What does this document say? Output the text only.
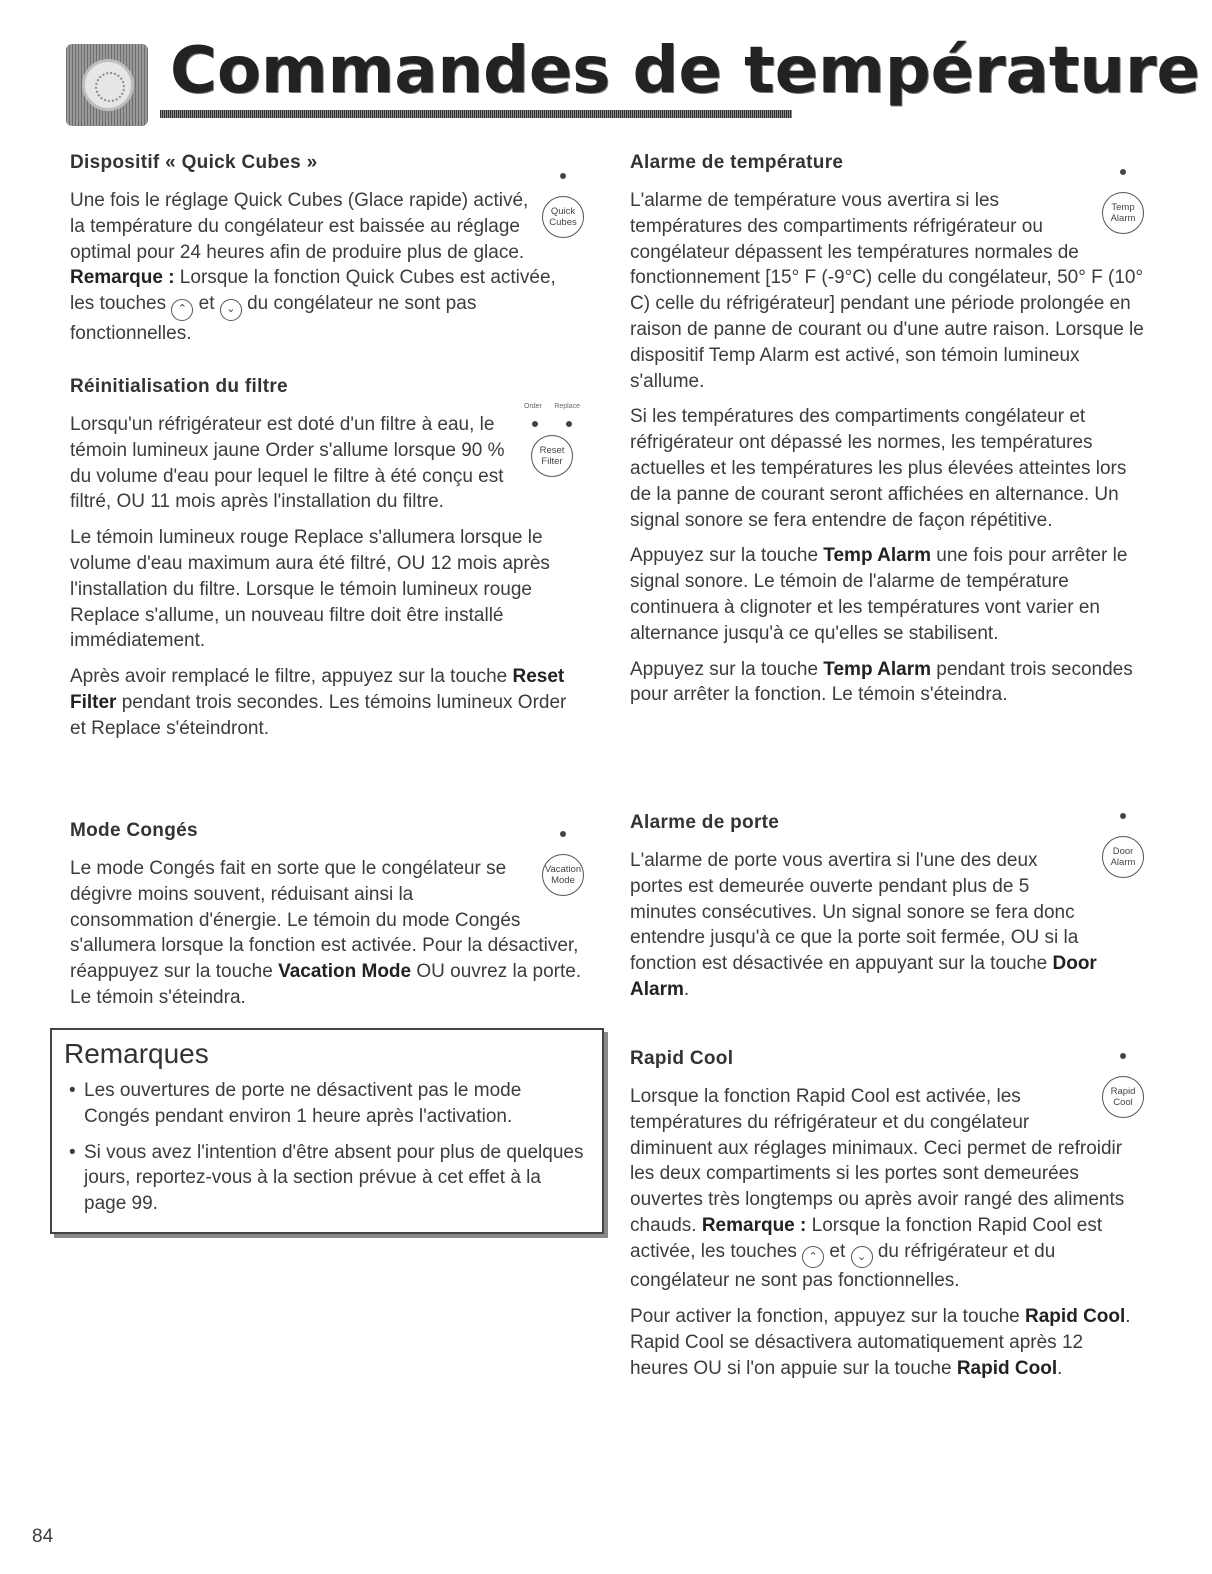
Commandes de température
Dispositif « Quick Cubes »

Quick
Cubes
Une fois le réglage Quick Cubes (Glace rapide) activé, la température du congélateur est baissée au réglage optimal pour 24 heures afin de produire plus de glace. Remarque : Lorsque la fonction Quick Cubes est activée, les touches ⌃ et ⌄ du congélateur ne sont pas fonctionnelles.

Réinitialisation du filtre

Order Replace
Reset
Filter
Lorsqu'un réfrigérateur est doté d'un filtre à eau, le témoin lumineux jaune Order s'allume lorsque 90 % du volume d'eau pour lequel le filtre à été conçu est filtré, OU 11 mois après l'installation du filtre.

Le témoin lumineux rouge Replace s'allumera lorsque le volume d'eau maximum aura été filtré, OU 12 mois après l'installation du filtre. Lorsque le témoin lumineux rouge Replace s'allume, un nouveau filtre doit être installé immédiatement.

Après avoir remplacé le filtre, appuyez sur la touche Reset Filter pendant trois secondes. Les témoins lumineux Order et Replace s'éteindront.

Mode Congés

Vacation
Mode
Le mode Congés fait en sorte que le congélateur se dégivre moins souvent, réduisant ainsi la consommation d'énergie. Le témoin du mode Congés s'allumera lorsque la fonction est activée. Pour la désactiver, réappuyez sur la touche Vacation Mode OU ouvrez la porte. Le témoin s'éteindra.

Remarques
• Les ouvertures de porte ne désactivent pas le mode Congés pendant environ 1 heure après l'activation.
• Si vous avez l'intention d'être absent pour plus de quelques jours, reportez-vous à la section prévue à cet effet à la page 99.
Alarme de température

Temp
Alarm
L'alarme de température vous avertira si les températures des compartiments réfrigérateur ou congélateur dépassent les températures normales de fonctionnement [15° F (-9°C) celle du congélateur, 50° F (10° C) celle du réfrigérateur] pendant une période prolongée en raison de panne de courant ou d'une autre raison. Lorsque le dispositif Temp Alarm est activé, son témoin lumineux s'allume.

Si les températures des compartiments congélateur et réfrigérateur ont dépassé les normes, les températures actuelles et les températures les plus élevées atteintes lors de la panne de courant seront affichées en alternance. Un signal sonore se fera entendre de façon répétitive.

Appuyez sur la touche Temp Alarm une fois pour arrêter le signal sonore. Le témoin de l'alarme de température continuera à clignoter et les températures vont varier en alternance jusqu'à ce qu'elles se stabilisent.

Appuyez sur la touche Temp Alarm pendant trois secondes pour arrêter la fonction. Le témoin s'éteindra.

Alarme de porte

Door
Alarm
L'alarme de porte vous avertira si l'une des deux portes est demeurée ouverte pendant plus de 5 minutes consécutives. Un signal sonore se fera donc entendre jusqu'à ce que la porte soit fermée, OU si la fonction est désactivée en appuyant sur la touche Door Alarm.

Rapid Cool

Rapid
Cool
Lorsque la fonction Rapid Cool est activée, les températures du réfrigérateur et du congélateur diminuent aux réglages minimaux. Ceci permet de refroidir les deux compartiments si les portes sont demeurées ouvertes très longtemps ou après avoir rangé des aliments chauds. Remarque : Lorsque la fonction Rapid Cool est activée, les touches ⌃ et ⌄ du réfrigérateur et du congélateur ne sont pas fonctionnelles.

Pour activer la fonction, appuyez sur la touche Rapid Cool. Rapid Cool se désactivera automatiquement après 12 heures OU si l'on appuie sur la touche Rapid Cool.

84
